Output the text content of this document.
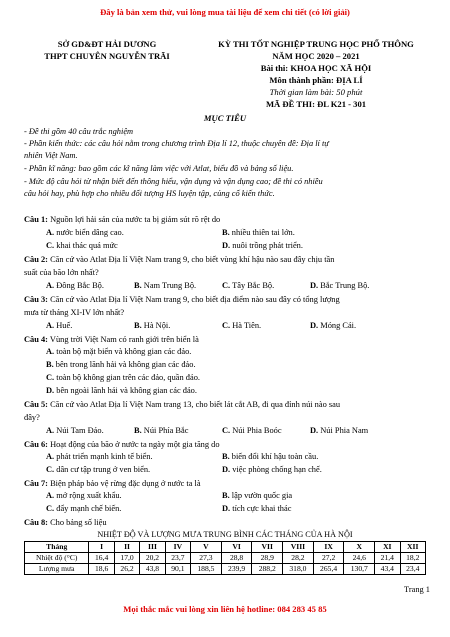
Đây là bản xem thử, vui lòng mua tài liệu để xem chi tiết (có lời giải)
SỞ GD&ĐT HẢI DƯƠNG
THPT CHUYÊN NGUYỄN TRÃI
KỲ THI TỐT NGHIỆP TRUNG HỌC PHỔ THÔNG
NĂM HỌC 2020 – 2021
Bài thi: KHOA HỌC XÃ HỘI
Môn thành phần: ĐỊA LÍ
Thời gian làm bài: 50 phút
MÃ ĐỀ THI: ĐL K21 - 301
MỤC TIÊU
- Đề thi gồm 40 câu trắc nghiệm
- Phần kiến thức: các câu hỏi nằm trong chương trình Địa lí 12, thuộc chuyên đề: Địa lí tự
nhiên Việt Nam.
- Phần kĩ năng: bao gồm các kĩ năng làm việc với Atlat, biểu đồ và bảng số liệu.
- Mức độ câu hỏi từ nhận biết đến thông hiểu, vận dụng và vận dụng cao; đề thi có nhiều
câu hỏi hay, phù hợp cho nhiều đối tượng HS luyện tập, củng cố kiến thức.
Câu 1: Nguồn lợi hải sản của nước ta bị giảm sút rõ rệt do
A. nước biển dâng cao.	B. nhiều thiên tai lớn.
C. khai thác quá mức	D. nuôi trồng phát triển.
Câu 2: Căn cứ vào Atlat Địa lí Việt Nam trang 9, cho biết vùng khí hậu nào sau đây chịu tần
suất của bão lớn nhất?
A. Đông Bắc Bộ.	B. Nam Trung Bộ.	C. Tây Bắc Bộ.	D. Bắc Trung Bộ.
Câu 3: Căn cứ vào Atlat Địa lí Việt Nam trang 9, cho biết địa điểm nào sau đây có tổng lượng
mưa từ tháng XI-IV lớn nhất?
A. Huế.	B. Hà Nội.	C. Hà Tiên.	D. Móng Cái.
Câu 4: Vùng trời Việt Nam có ranh giới trên biển là
A. toàn bộ mặt biển và không gian các đảo.
B. bên trong lãnh hải và không gian các đảo.
C. toàn bộ không gian trên các đảo, quần đảo.
D. bên ngoài lãnh hải và không gian các đảo.
Câu 5: Căn cứ vào Atlat Địa lí Việt Nam trang 13, cho biết lát cắt AB, đi qua đỉnh núi nào sau
đây?
A. Núi Tam Đảo.	B. Núi Phía Bắc	C. Núi Phia Boóc	D. Núi Phia Nam
Câu 6: Hoạt động của bão ở nước ta ngày một gia tăng do
A. phát triển mạnh kinh tế biển.	B. biến đổi khí hậu toàn cầu.
C. dân cư tập trung ở ven biển.	D. việc phòng chống hạn chế.
Câu 7: Biện pháp bảo vệ rừng đặc dụng ở nước ta là
A. mở rộng xuất khẩu.	B. lập vườn quốc gia
C. đẩy mạnh chế biến.	D. tích cực khai thác
Câu 8: Cho bảng số liệu
NHIỆT ĐỘ VÀ LƯỢNG MƯA TRUNG BÌNH CÁC THÁNG CỦA HÀ NỘI
Tháng	I	II	III	IV	V	VI	VII	VIII	IX	X	XI	XII
Nhiệt độ (°C)	16,4	17,0	20,2	23,7	27,3	28,8	28,9	28,2	27,2	24,6	21,4	18,2
Lượng mưa	18,6	26,2	43,8	90,1	188,5	239,9	288,2	318,0	265,4	130,7	43,4	23,4
Trang 1
Mọi thắc mắc vui lòng xin liên hệ hotline: 084 283 45 85
